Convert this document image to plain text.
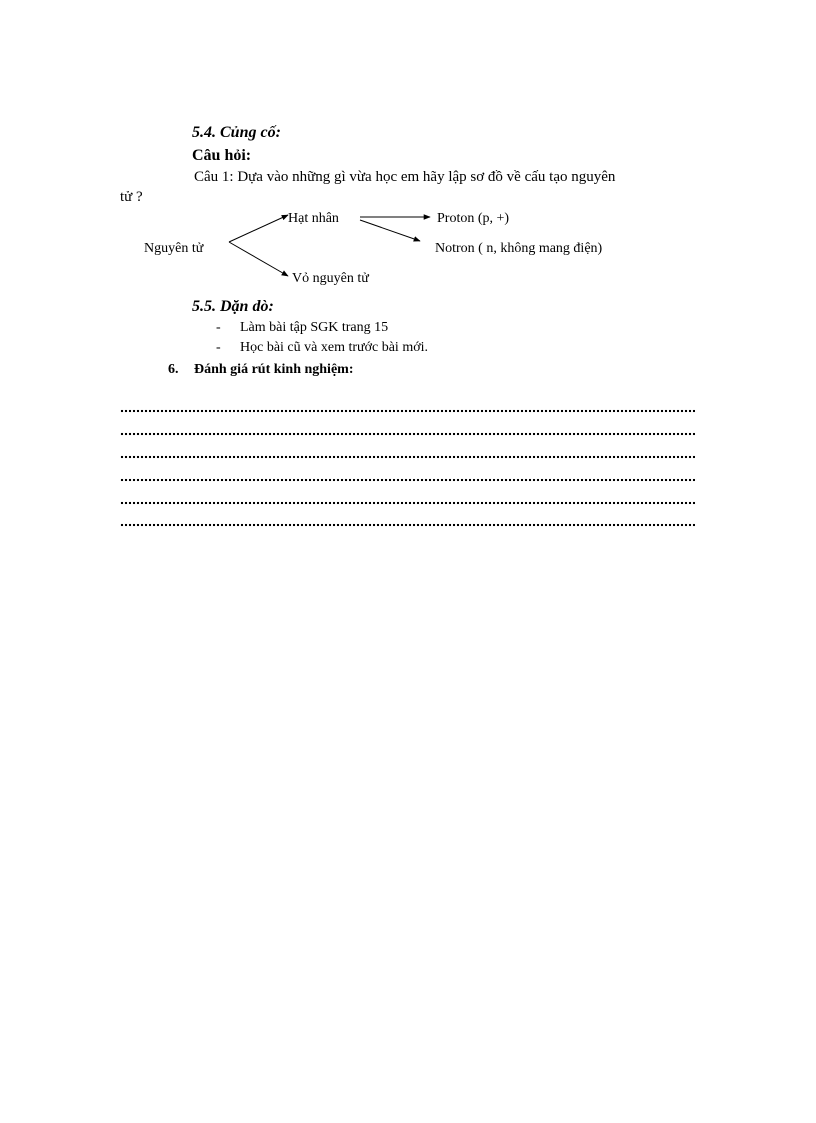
5.4. Củng cố:
Câu hỏi:
Câu 1: Dựa vào những gì vừa học em hãy lập sơ đồ về cấu tạo nguyên
tử ?
Nguyên tử
Hạt nhân
Vỏ nguyên tử
Proton (p, +)
Notron ( n, không mang điện)
5.5. Dặn dò:
- Làm bài tập SGK trang 15
- Học bài cũ và xem trước bài mới.
6. Đánh giá rút kinh nghiệm:
